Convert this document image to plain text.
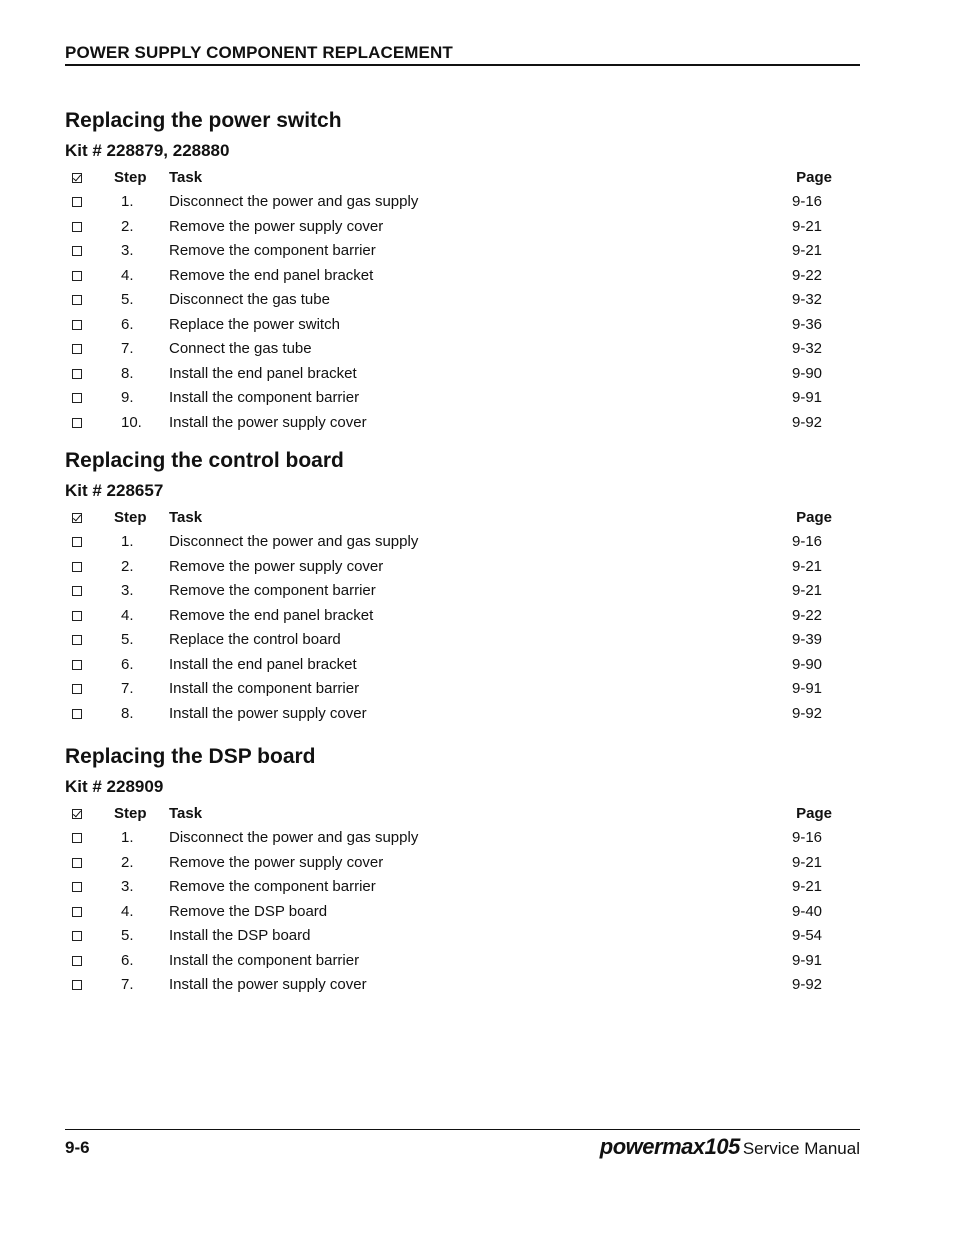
POWER SUPPLY COMPONENT REPLACEMENT
Replacing the power switch
Kit # 228879, 228880
	Step	Task	Page
	1.	Disconnect the power and gas supply	9-16
	2.	Remove the power supply cover	9-21
	3.	Remove the component barrier	9-21
	4.	Remove the end panel bracket	9-22
	5.	Disconnect the gas tube	9-32
	6.	Replace the power switch	9-36
	7.	Connect the gas tube	9-32
	8.	Install the end panel bracket	9-90
	9.	Install the component barrier	9-91
	10.	Install the power supply cover	9-92
Replacing the control board
Kit # 228657
	Step	Task	Page
	1.	Disconnect the power and gas supply	9-16
	2.	Remove the power supply cover	9-21
	3.	Remove the component barrier	9-21
	4.	Remove the end panel bracket	9-22
	5.	Replace the control board	9-39
	6.	Install the end panel bracket	9-90
	7.	Install the component barrier	9-91
	8.	Install the power supply cover	9-92
Replacing the DSP board
Kit # 228909
	Step	Task	Page
	1.	Disconnect the power and gas supply	9-16
	2.	Remove the power supply cover	9-21
	3.	Remove the component barrier	9-21
	4.	Remove the DSP board	9-40
	5.	Install the DSP board	9-54
	6.	Install the component barrier	9-91
	7.	Install the power supply cover	9-92
9-6	powermax105 Service Manual
